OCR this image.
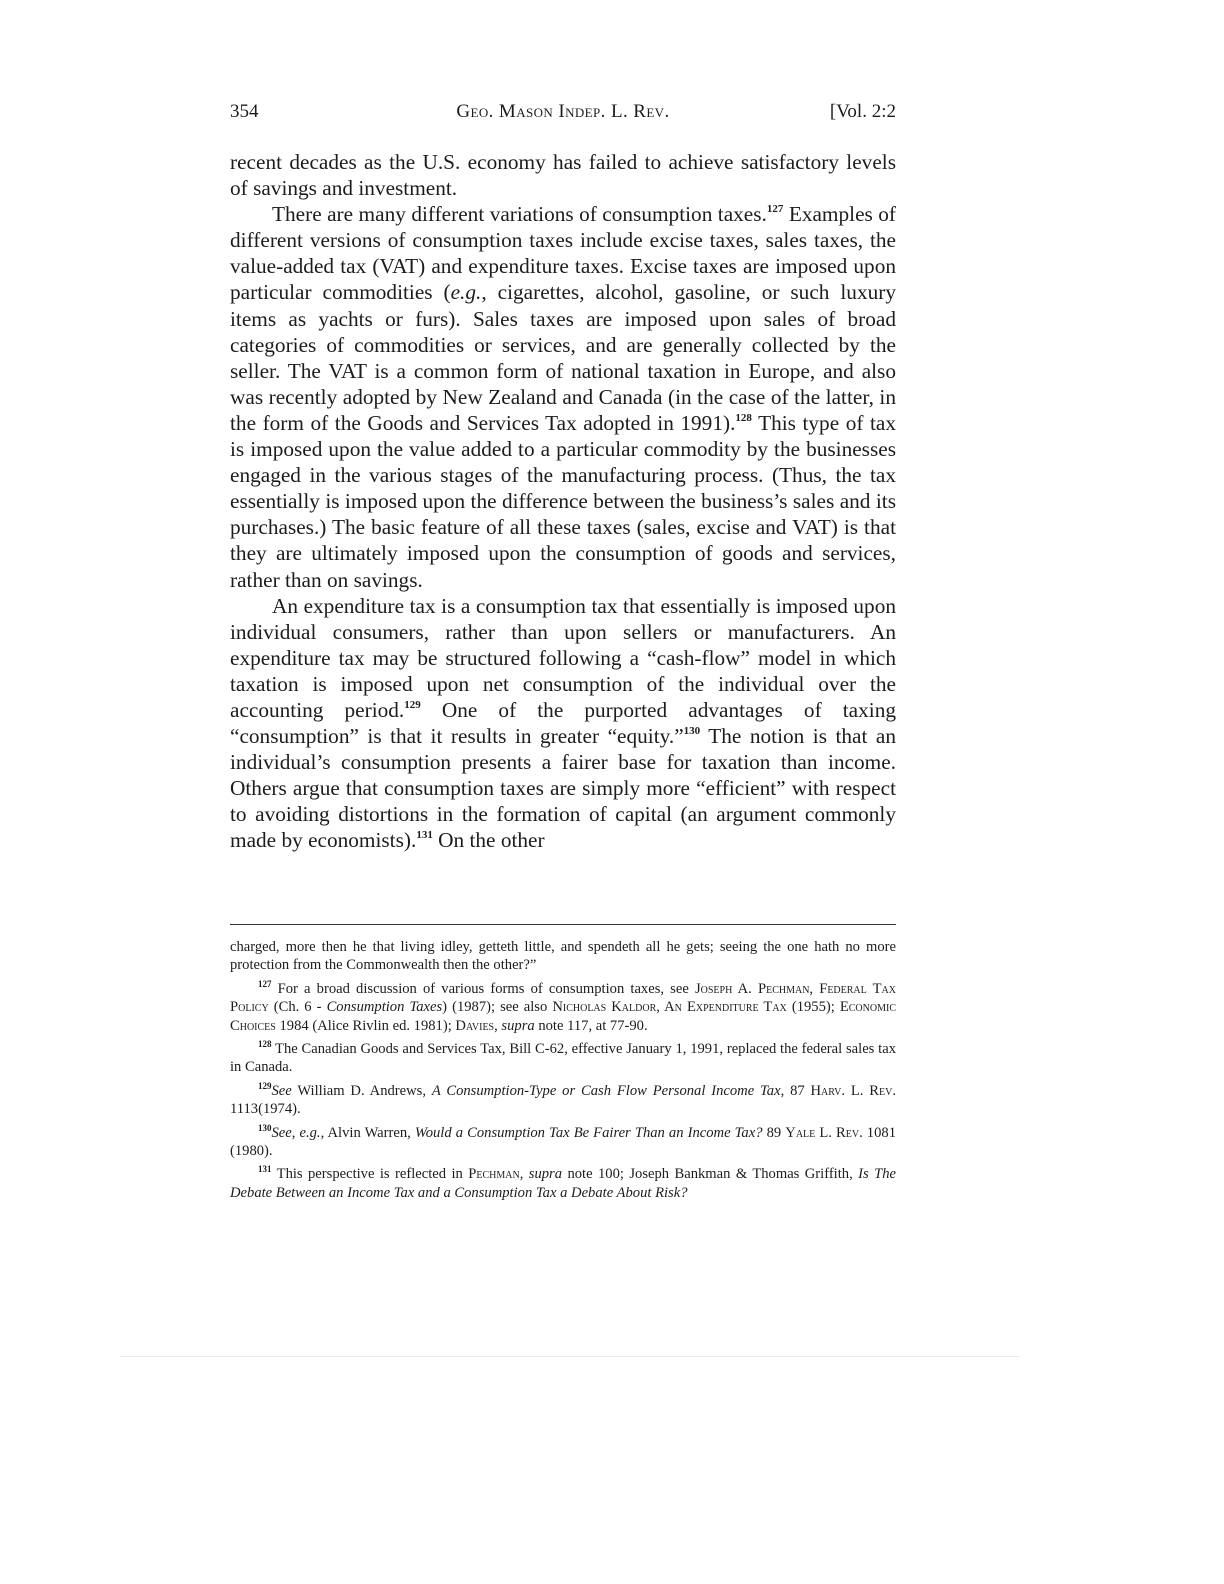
354	Geo. Mason Indep. L. Rev.	[Vol. 2:2

recent decades as the U.S. economy has failed to achieve satisfactory levels of savings and investment.

There are many different variations of consumption taxes.$^{127}$ Examples of different versions of consumption taxes include excise taxes, sales taxes, the value-added tax (VAT) and expenditure taxes. Excise taxes are imposed upon particular commodities (e.g., cigarettes, alcohol, gasoline, or such luxury items as yachts or furs). Sales taxes are imposed upon sales of broad categories of commodities or services, and are generally collected by the seller. The VAT is a common form of national taxation in Europe, and also was recently adopted by New Zealand and Canada (in the case of the latter, in the form of the Goods and Services Tax adopted in 1991).$^{128}$ This type of tax is imposed upon the value added to a particular commodity by the businesses engaged in the various stages of the manufacturing process. (Thus, the tax essentially is imposed upon the difference between the business’s sales and its purchases.) The basic feature of all these taxes (sales, excise and VAT) is that they are ultimately imposed upon the consumption of goods and services, rather than on savings.

An expenditure tax is a consumption tax that essentially is imposed upon individual consumers, rather than upon sellers or manufacturers. An expenditure tax may be structured following a “cash-flow” model in which taxation is imposed upon net consumption of the individual over the accounting period.$^{129}$ One of the purported advantages of taxing “consumption” is that it results in greater “equity.”$^{130}$ The notion is that an individual’s consumption presents a fairer base for taxation than income. Others argue that consumption taxes are simply more “efficient” with respect to avoiding distortions in the formation of capital (an argument commonly made by economists).$^{131}$ On the other

charged, more then he that living idley, getteth little, and spendeth all he gets; seeing the one hath no more protection from the Commonwealth then the other?”

$^{127}$ For a broad discussion of various forms of consumption taxes, see Joseph A. Pechman, Federal Tax Policy (Ch. 6 - Consumption Taxes) (1987); see also Nicholas Kaldor, An Expenditure Tax (1955); Economic Choices 1984 (Alice Rivlin ed. 1981); Davies, supra note 117, at 77-90.

$^{128}$ The Canadian Goods and Services Tax, Bill C-62, effective January 1, 1991, replaced the federal sales tax in Canada.

$^{129}$See William D. Andrews, A Consumption-Type or Cash Flow Personal Income Tax, 87 Harv. L. Rev. 1113(1974).

$^{130}$See, e.g., Alvin Warren, Would a Consumption Tax Be Fairer Than an Income Tax? 89 Yale L. Rev. 1081 (1980).

$^{131}$ This perspective is reflected in Pechman, supra note 100; Joseph Bankman & Thomas Griffith, Is The Debate Between an Income Tax and a Consumption Tax a Debate About Risk?
